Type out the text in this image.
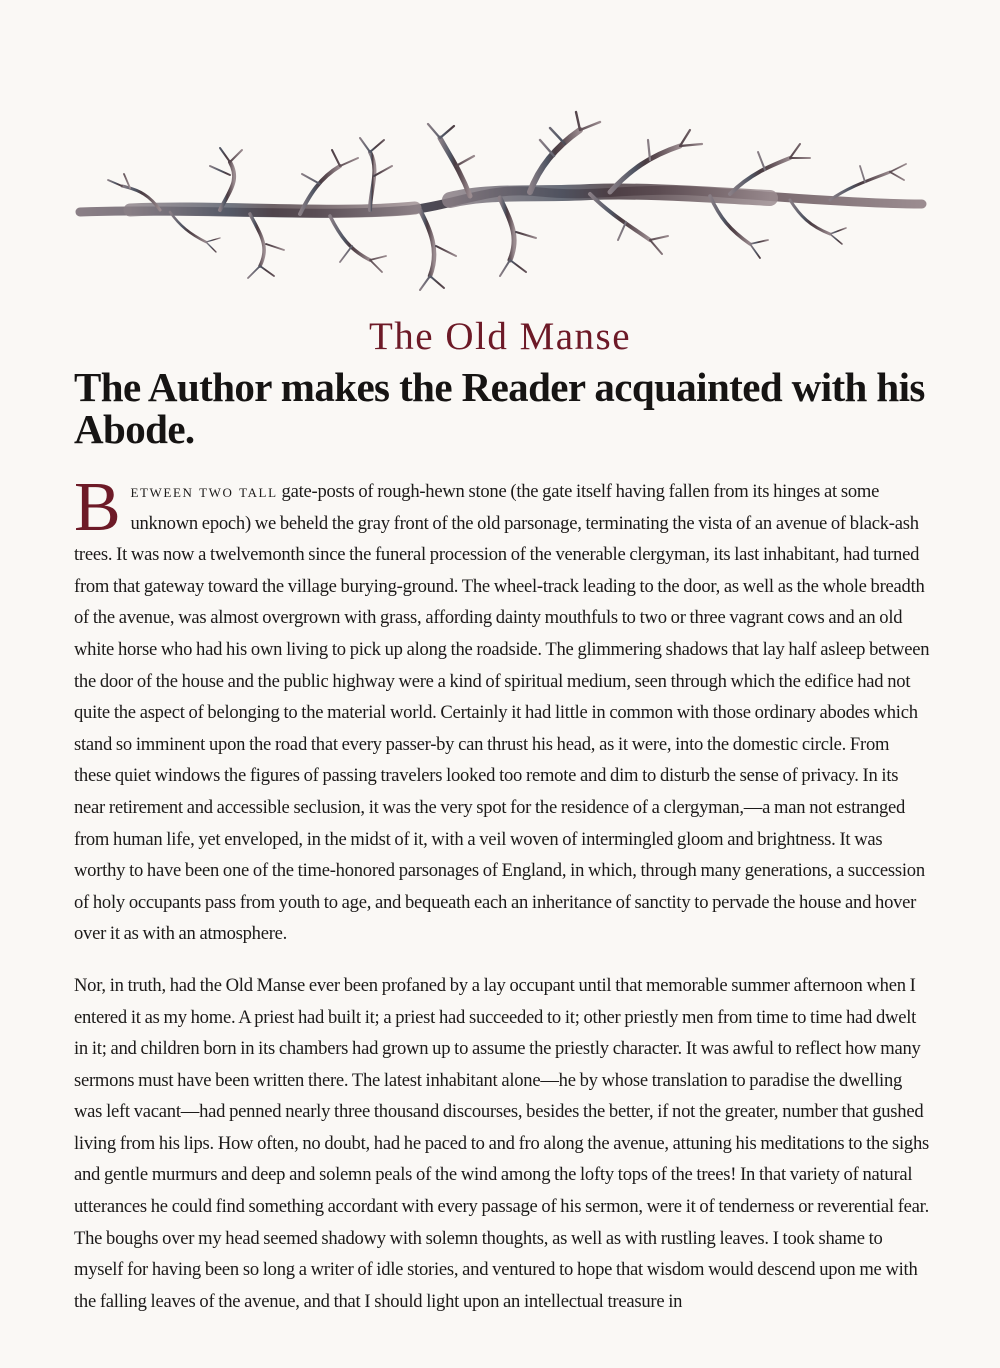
The Old Manse
The Author makes the Reader acquainted with his Abode.

Between two tall gate-posts of rough-hewn stone (the gate itself having fallen from its hinges at some unknown epoch) we beheld the gray front of the old parsonage, terminating the vista of an avenue of black-ash trees. It was now a twelvemonth since the funeral procession of the venerable clergyman, its last inhabitant, had turned from that gateway toward the village burying-ground. The wheel-track leading to the door, as well as the whole breadth of the avenue, was almost overgrown with grass, affording dainty mouthfuls to two or three vagrant cows and an old white horse who had his own living to pick up along the roadside. The glimmering shadows that lay half asleep between the door of the house and the public highway were a kind of spiritual medium, seen through which the edifice had not quite the aspect of belonging to the material world. Certainly it had little in common with those ordinary abodes which stand so imminent upon the road that every passer-by can thrust his head, as it were, into the domestic circle. From these quiet windows the figures of passing travelers looked too remote and dim to disturb the sense of privacy. In its near retirement and accessible seclusion, it was the very spot for the residence of a clergyman,—a man not estranged from human life, yet enveloped, in the midst of it, with a veil woven of intermingled gloom and brightness. It was worthy to have been one of the time-honored parsonages of England, in which, through many generations, a succession of holy occupants pass from youth to age, and bequeath each an inheritance of sanctity to pervade the house and hover over it as with an atmosphere.

Nor, in truth, had the Old Manse ever been profaned by a lay occupant until that memorable summer afternoon when I entered it as my home. A priest had built it; a priest had succeeded to it; other priestly men from time to time had dwelt in it; and children born in its chambers had grown up to assume the priestly character. It was awful to reflect how many sermons must have been written there. The latest inhabitant alone—he by whose translation to paradise the dwelling was left vacant—had penned nearly three thousand discourses, besides the better, if not the greater, number that gushed living from his lips. How often, no doubt, had he paced to and fro along the avenue, attuning his meditations to the sighs and gentle murmurs and deep and solemn peals of the wind among the lofty tops of the trees! In that variety of natural utterances he could find something accordant with every passage of his sermon, were it of tenderness or reverential fear. The boughs over my head seemed shadowy with solemn thoughts, as well as with rustling leaves. I took shame to myself for having been so long a writer of idle stories, and ventured to hope that wisdom would descend upon me with the falling leaves of the avenue, and that I should light upon an intellectual treasure in
